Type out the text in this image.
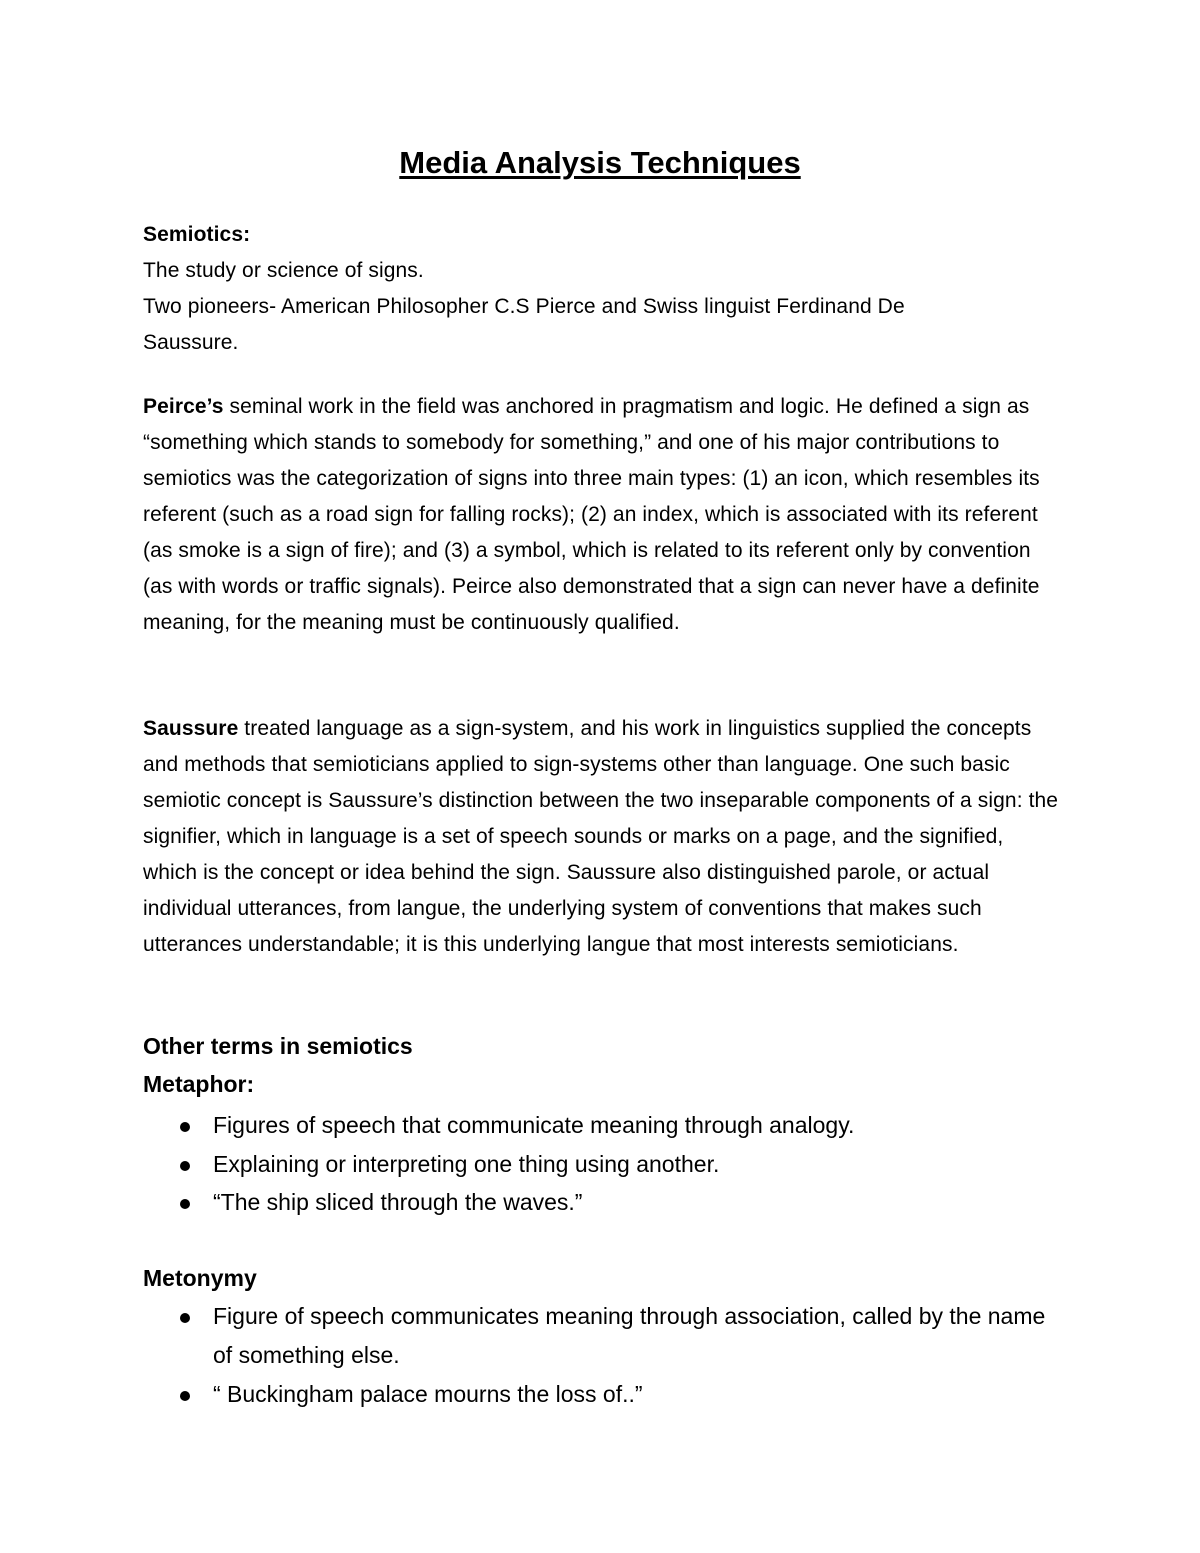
Media Analysis Techniques
Semiotics:
The study or science of signs.
Two pioneers- American Philosopher C.S Pierce and Swiss linguist Ferdinand De
Saussure.

Peirce’s seminal work in the field was anchored in pragmatism and logic. He defined a sign as “something which stands to somebody for something,” and one of his major contributions to semiotics was the categorization of signs into three main types: (1) an icon, which resembles its referent (such as a road sign for falling rocks); (2) an index, which is associated with its referent (as smoke is a sign of fire); and (3) a symbol, which is related to its referent only by convention (as with words or traffic signals). Peirce also demonstrated that a sign can never have a definite meaning, for the meaning must be continuously qualified.

Saussure treated language as a sign-system, and his work in linguistics supplied the concepts and methods that semioticians applied to sign-systems other than language. One such basic semiotic concept is Saussure’s distinction between the two inseparable components of a sign: the signifier, which in language is a set of speech sounds or marks on a page, and the signified, which is the concept or idea behind the sign. Saussure also distinguished parole, or actual individual utterances, from langue, the underlying system of conventions that makes such utterances understandable; it is this underlying langue that most interests semioticians.

Other terms in semiotics
Metaphor:
Figures of speech that communicate meaning through analogy.
Explaining or interpreting one thing using another.
“The ship sliced through the waves.”
Metonymy
Figure of speech communicates meaning through association, called by the name of something else.
“ Buckingham palace mourns the loss of..”
